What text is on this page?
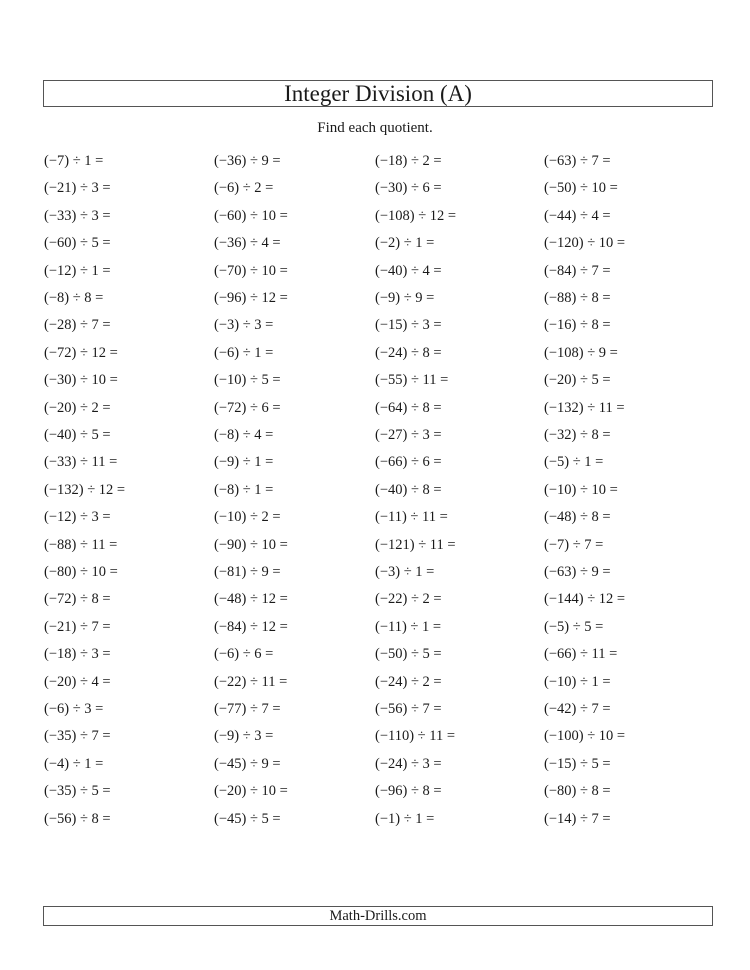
Integer Division (A)
Find each quotient.
(−7) ÷ 1 =
(−21) ÷ 3 =
(−33) ÷ 3 =
(−60) ÷ 5 =
(−12) ÷ 1 =
(−8) ÷ 8 =
(−28) ÷ 7 =
(−72) ÷ 12 =
(−30) ÷ 10 =
(−20) ÷ 2 =
(−40) ÷ 5 =
(−33) ÷ 11 =
(−132) ÷ 12 =
(−12) ÷ 3 =
(−88) ÷ 11 =
(−80) ÷ 10 =
(−72) ÷ 8 =
(−21) ÷ 7 =
(−18) ÷ 3 =
(−20) ÷ 4 =
(−6) ÷ 3 =
(−35) ÷ 7 =
(−4) ÷ 1 =
(−35) ÷ 5 =
(−56) ÷ 8 =
(−36) ÷ 9 =
(−6) ÷ 2 =
(−60) ÷ 10 =
(−36) ÷ 4 =
(−70) ÷ 10 =
(−96) ÷ 12 =
(−3) ÷ 3 =
(−6) ÷ 1 =
(−10) ÷ 5 =
(−72) ÷ 6 =
(−8) ÷ 4 =
(−9) ÷ 1 =
(−8) ÷ 1 =
(−10) ÷ 2 =
(−90) ÷ 10 =
(−81) ÷ 9 =
(−48) ÷ 12 =
(−84) ÷ 12 =
(−6) ÷ 6 =
(−22) ÷ 11 =
(−77) ÷ 7 =
(−9) ÷ 3 =
(−45) ÷ 9 =
(−20) ÷ 10 =
(−45) ÷ 5 =
(−18) ÷ 2 =
(−30) ÷ 6 =
(−108) ÷ 12 =
(−2) ÷ 1 =
(−40) ÷ 4 =
(−9) ÷ 9 =
(−15) ÷ 3 =
(−24) ÷ 8 =
(−55) ÷ 11 =
(−64) ÷ 8 =
(−27) ÷ 3 =
(−66) ÷ 6 =
(−40) ÷ 8 =
(−11) ÷ 11 =
(−121) ÷ 11 =
(−3) ÷ 1 =
(−22) ÷ 2 =
(−11) ÷ 1 =
(−50) ÷ 5 =
(−24) ÷ 2 =
(−56) ÷ 7 =
(−110) ÷ 11 =
(−24) ÷ 3 =
(−96) ÷ 8 =
(−1) ÷ 1 =
(−63) ÷ 7 =
(−50) ÷ 10 =
(−44) ÷ 4 =
(−120) ÷ 10 =
(−84) ÷ 7 =
(−88) ÷ 8 =
(−16) ÷ 8 =
(−108) ÷ 9 =
(−20) ÷ 5 =
(−132) ÷ 11 =
(−32) ÷ 8 =
(−5) ÷ 1 =
(−10) ÷ 10 =
(−48) ÷ 8 =
(−7) ÷ 7 =
(−63) ÷ 9 =
(−144) ÷ 12 =
(−5) ÷ 5 =
(−66) ÷ 11 =
(−10) ÷ 1 =
(−42) ÷ 7 =
(−100) ÷ 10 =
(−15) ÷ 5 =
(−80) ÷ 8 =
(−14) ÷ 7 =
Math-Drills.com
